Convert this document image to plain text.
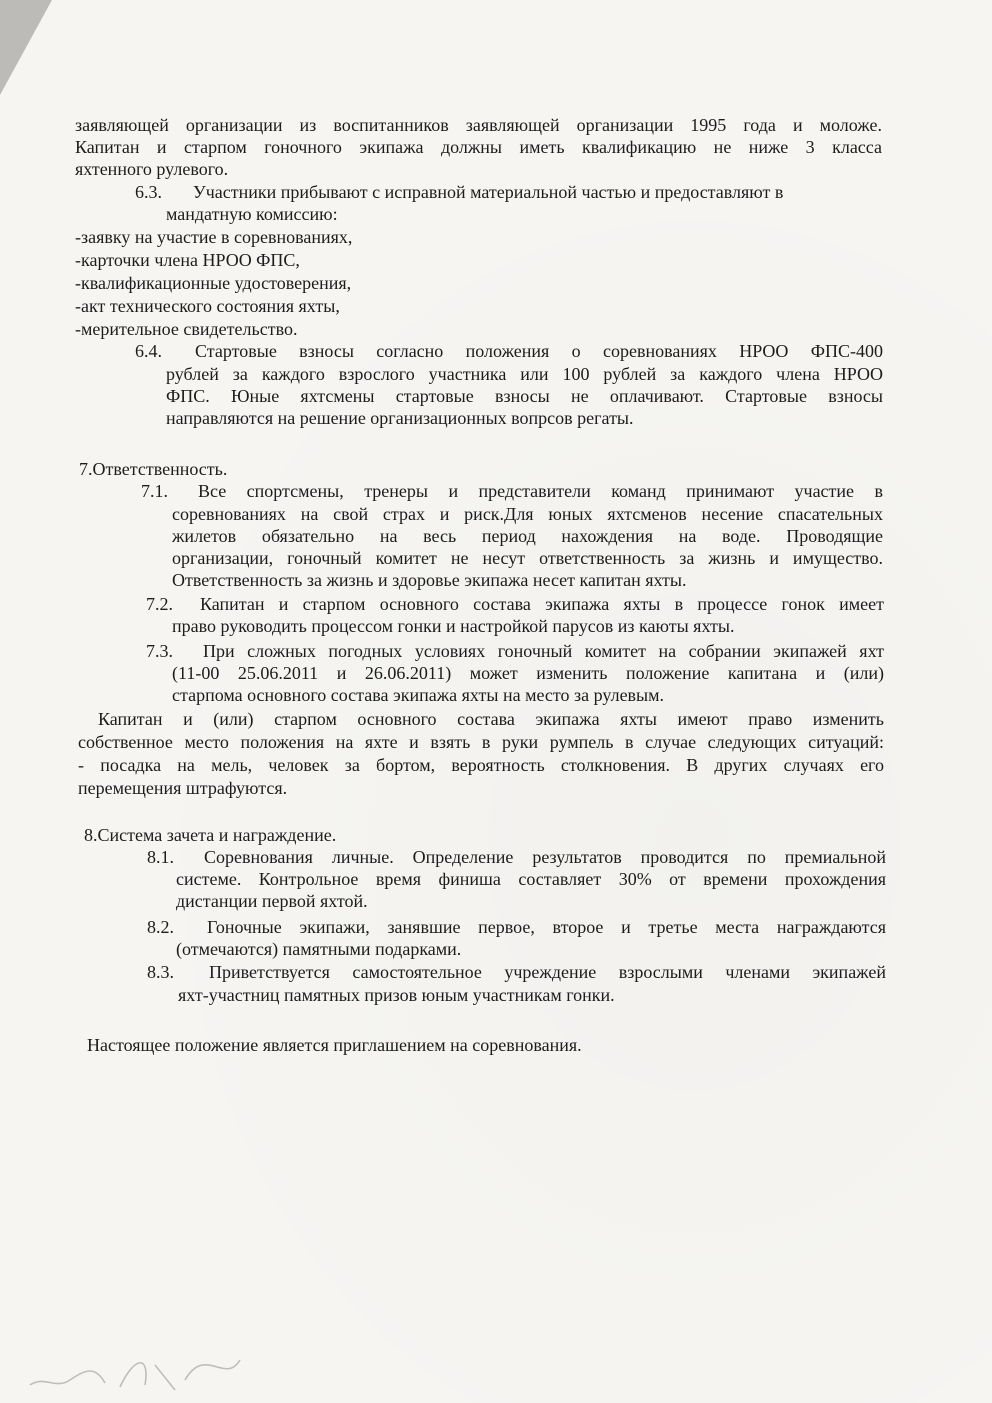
заявляющей организации из воспитанников заявляющей организации 1995 года и моложе.
Капитан и старпом гоночного экипажа должны иметь квалификацию не ниже 3 класса
яхтенного рулевого.
6.3. Участники прибывают с исправной материальной частью и предоставляют в
мандатную комиссию:
-заявку на участие в соревнованиях,
-карточки члена НРОО ФПС,
-квалификационные удостоверения,
-акт технического состояния яхты,
-мерительное свидетельство.
6.4. Стартовые взносы согласно положения о соревнованиях НРОО ФПС-400
рублей за каждого взрослого участника или 100 рублей за каждого члена НРОО
ФПС. Юные яхтсмены стартовые взносы не оплачивают. Стартовые взносы
направляются на решение организационных вопрсов регаты.
7.Ответственность.
7.1. Все спортсмены, тренеры и представители команд принимают участие в
соревнованиях на свой страх и риск.Для юных яхтсменов несение спасательных
жилетов обязательно на весь период нахождения на воде. Проводящие
организации, гоночный комитет не несут ответственность за жизнь и имущество.
Ответственность за жизнь и здоровье экипажа несет капитан яхты.
7.2. Капитан и старпом основного состава экипажа яхты в процессе гонок имеет
право руководить процессом гонки и настройкой парусов из каюты яхты.
7.3. При сложных погодных условиях гоночный комитет на собрании экипажей яхт
(11-00 25.06.2011 и 26.06.2011) может изменить положение капитана и (или)
старпома основного состава экипажа яхты на место за рулевым.
Капитан и (или) старпом основного состава экипажа яхты имеют право изменить
собственное место положения на яхте и взять в руки румпель в случае следующих ситуаций:
- посадка на мель, человек за бортом, вероятность столкновения. В других случаях его
перемещения штрафуются.
8.Система зачета и награждение.
8.1. Соревнования личные. Определение результатов проводится по премиальной
системе. Контрольное время финиша составляет 30% от времени прохождения
дистанции первой яхтой.
8.2. Гоночные экипажи, занявшие первое, второе и третье места награждаются
(отмечаются) памятными подарками.
8.3. Приветствуется самостоятельное учреждение взрослыми членами экипажей
яхт-участниц памятных призов юным участникам гонки.
Настоящее положение является приглашением на соревнования.
